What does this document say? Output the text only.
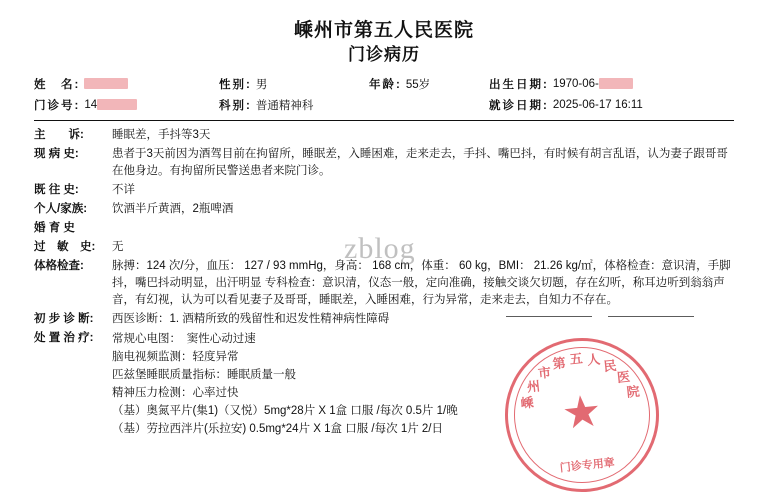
嵊州市第五人民医院
门诊病历
姓　名:	性别: 男	年龄: 55岁	出生日期: 1970-06-
门诊号: 14	科别: 普通精神科	就诊日期: 2025-06-17 16:11
主　　诉:	睡眠差，手抖等3天
现 病 史:	患者于3天前因为酒驾目前在拘留所，睡眠差，入睡困难，走来走去，手抖、嘴巴抖，有时候有胡言乱语，认为妻子跟哥哥在他身边。有拘留所民警送患者来院门诊。
既 往 史:	不详
个人/家族:	饮酒半斤黄酒，2瓶啤酒
婚 育 史
过　敏　史:	无
体格检查:	脉搏：124 次/分，血压： 127 / 93 mmHg，身高： 168 cm，体重： 60 kg，BMI： 21.26 kg/㎡，体格检查：意识清，手脚抖，嘴巴抖动明显，出汗明显 专科检查：意识清，仪态一般，定向准确，接触交谈欠切题，存在幻听，称耳边听到翁翁声音，有幻视，认为可以看见妻子及哥哥，睡眠差，入睡困难，行为异常，走来走去，自知力不存在。
初 步 诊 断:	西医诊断：1. 酒精所致的残留性和迟发性精神病性障碍
处 置 治 疗:	常规心电图：　窦性心动过速
脑电视频监测：轻度异常
匹兹堡睡眠质量指标：睡眠质量一般
精神压力检测：心率过快
（基）奥氮平片(集1)（又悦）5mg*28片 X 1盒 口服 /每次 0.5片 1/晚
（基）劳拉西泮片(乐拉安) 0.5mg*24片 X 1盒 口服 /每次 1片 2/日
zblog
嵊
州
市
第 五 人 民
医
院
★
门诊专用章
